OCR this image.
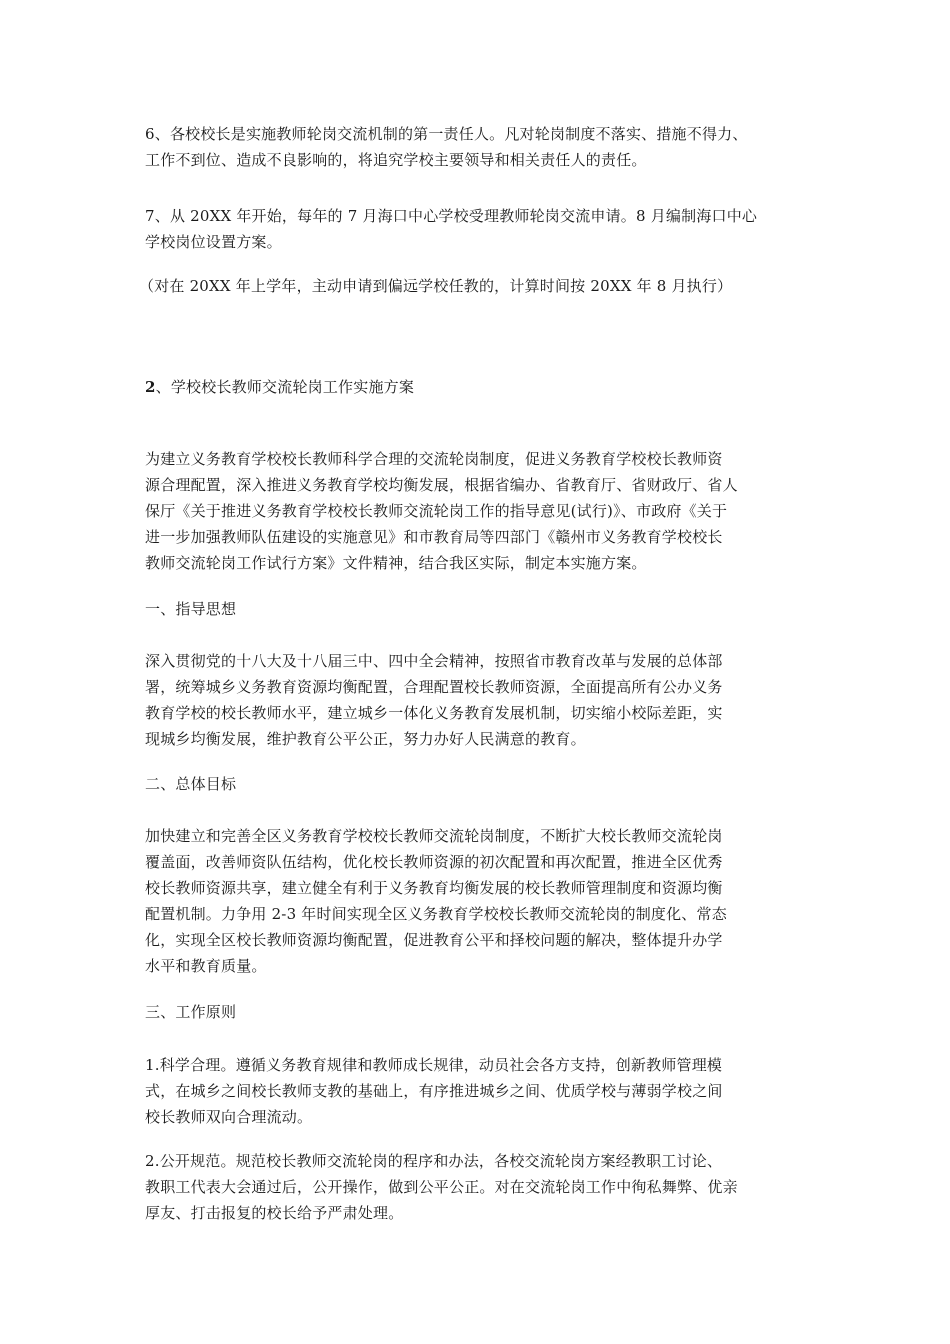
6、各校校长是实施教师轮岗交流机制的第一责任人。凡对轮岗制度不落实、措施不得力、
工作不到位、造成不良影响的，将追究学校主要领导和相关责任人的责任。

7、从 20XX 年开始，每年的 7 月海口中心学校受理教师轮岗交流申请。8 月编制海口中心
学校岗位设置方案。

（对在 20XX 年上学年，主动申请到偏远学校任教的，计算时间按 20XX 年 8 月执行）

2、学校校长教师交流轮岗工作实施方案

为建立义务教育学校校长教师科学合理的交流轮岗制度，促进义务教育学校校长教师资
源合理配置，深入推进义务教育学校均衡发展，根据省编办、省教育厅、省财政厅、省人
保厅《关于推进义务教育学校校长教师交流轮岗工作的指导意见(试行)》、市政府《关于
进一步加强教师队伍建设的实施意见》和市教育局等四部门《赣州市义务教育学校校长
教师交流轮岗工作试行方案》文件精神，结合我区实际，制定本实施方案。

一、指导思想

深入贯彻党的十八大及十八届三中、四中全会精神，按照省市教育改革与发展的总体部
署，统筹城乡义务教育资源均衡配置，合理配置校长教师资源，全面提高所有公办义务
教育学校的校长教师水平，建立城乡一体化义务教育发展机制，切实缩小校际差距，实
现城乡均衡发展，维护教育公平公正，努力办好人民满意的教育。

二、总体目标

加快建立和完善全区义务教育学校校长教师交流轮岗制度，不断扩大校长教师交流轮岗
覆盖面，改善师资队伍结构，优化校长教师资源的初次配置和再次配置，推进全区优秀
校长教师资源共享，建立健全有利于义务教育均衡发展的校长教师管理制度和资源均衡
配置机制。力争用 2-3 年时间实现全区义务教育学校校长教师交流轮岗的制度化、常态
化，实现全区校长教师资源均衡配置，促进教育公平和择校问题的解决，整体提升办学
水平和教育质量。

三、工作原则

1.科学合理。遵循义务教育规律和教师成长规律，动员社会各方支持，创新教师管理模
式，在城乡之间校长教师支教的基础上，有序推进城乡之间、优质学校与薄弱学校之间
校长教师双向合理流动。

2.公开规范。规范校长教师交流轮岗的程序和办法，各校交流轮岗方案经教职工讨论、
教职工代表大会通过后，公开操作，做到公平公正。对在交流轮岗工作中徇私舞弊、优亲
厚友、打击报复的校长给予严肃处理。
